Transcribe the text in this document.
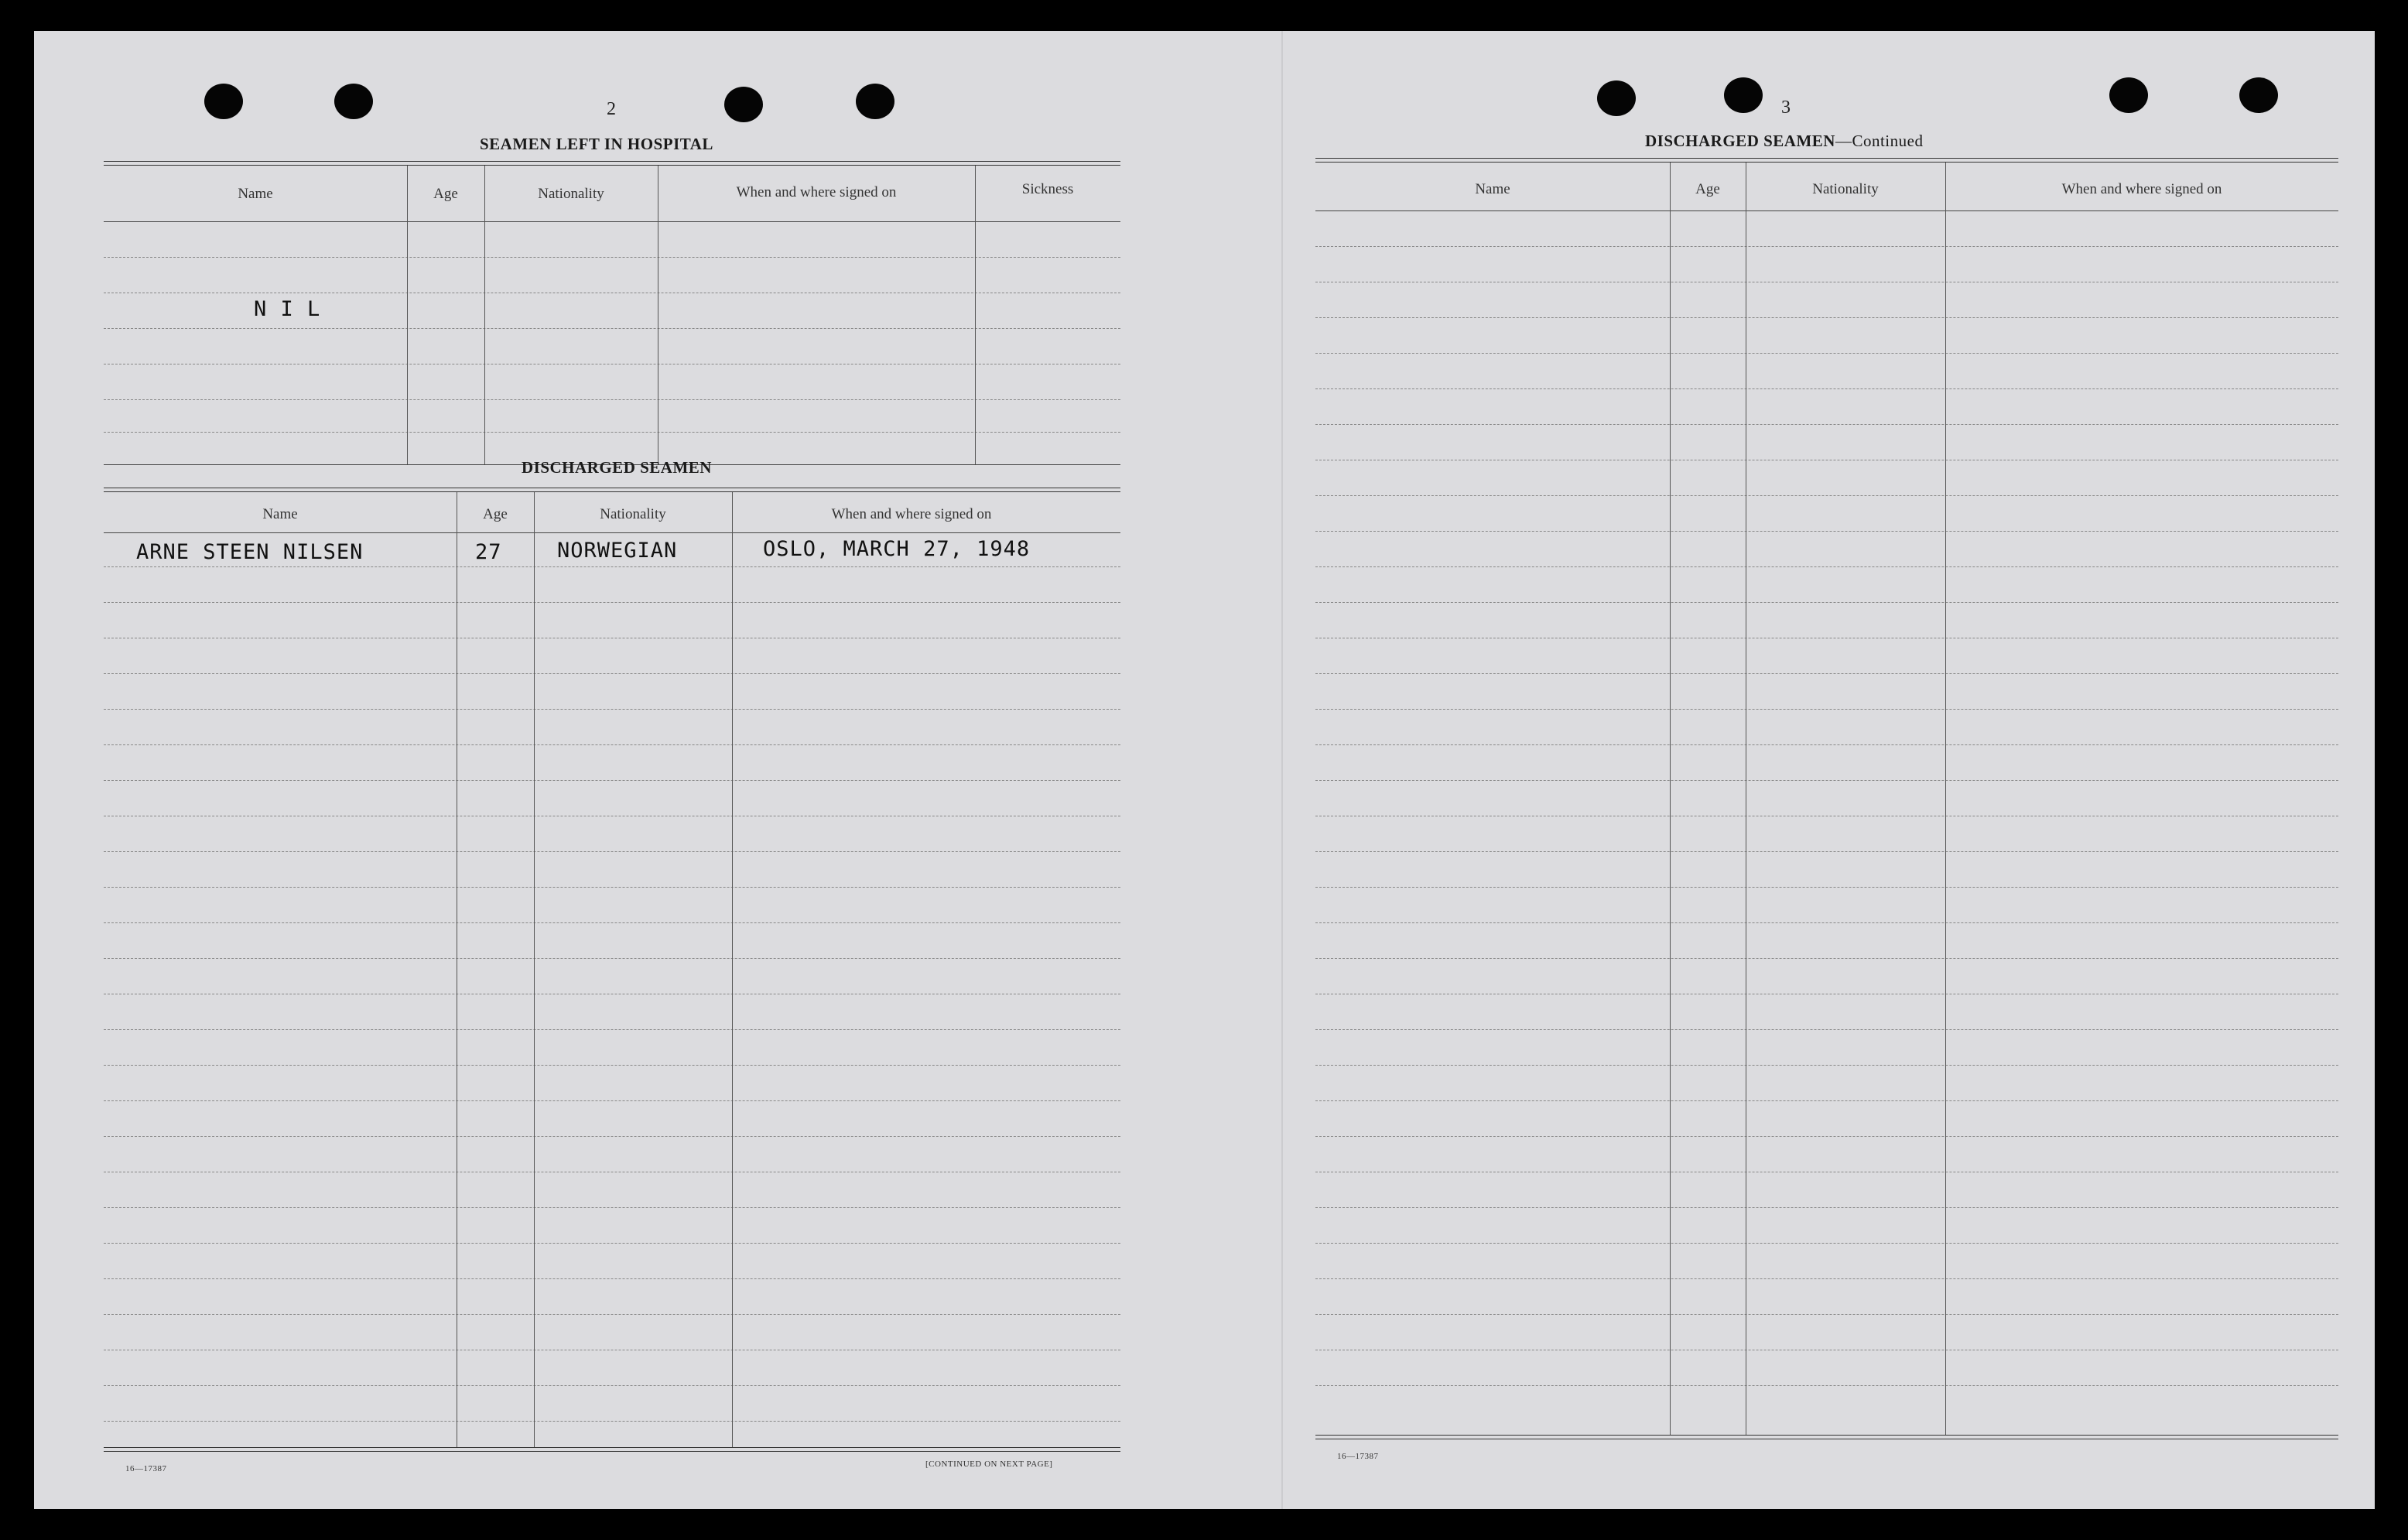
2
SEAMEN LEFT IN HOSPITAL
Name	Age	Nationality	When and where signed on	Sickness
N I L
DISCHARGED SEAMEN
Name	Age	Nationality	When and where signed on
ARNE STEEN NILSEN	27	NORWEGIAN	OSLO, MARCH 27, 1948
16—17387	[CONTINUED ON NEXT PAGE]
3
DISCHARGED SEAMEN—Continued
Name	Age	Nationality	When and where signed on
16—17387
